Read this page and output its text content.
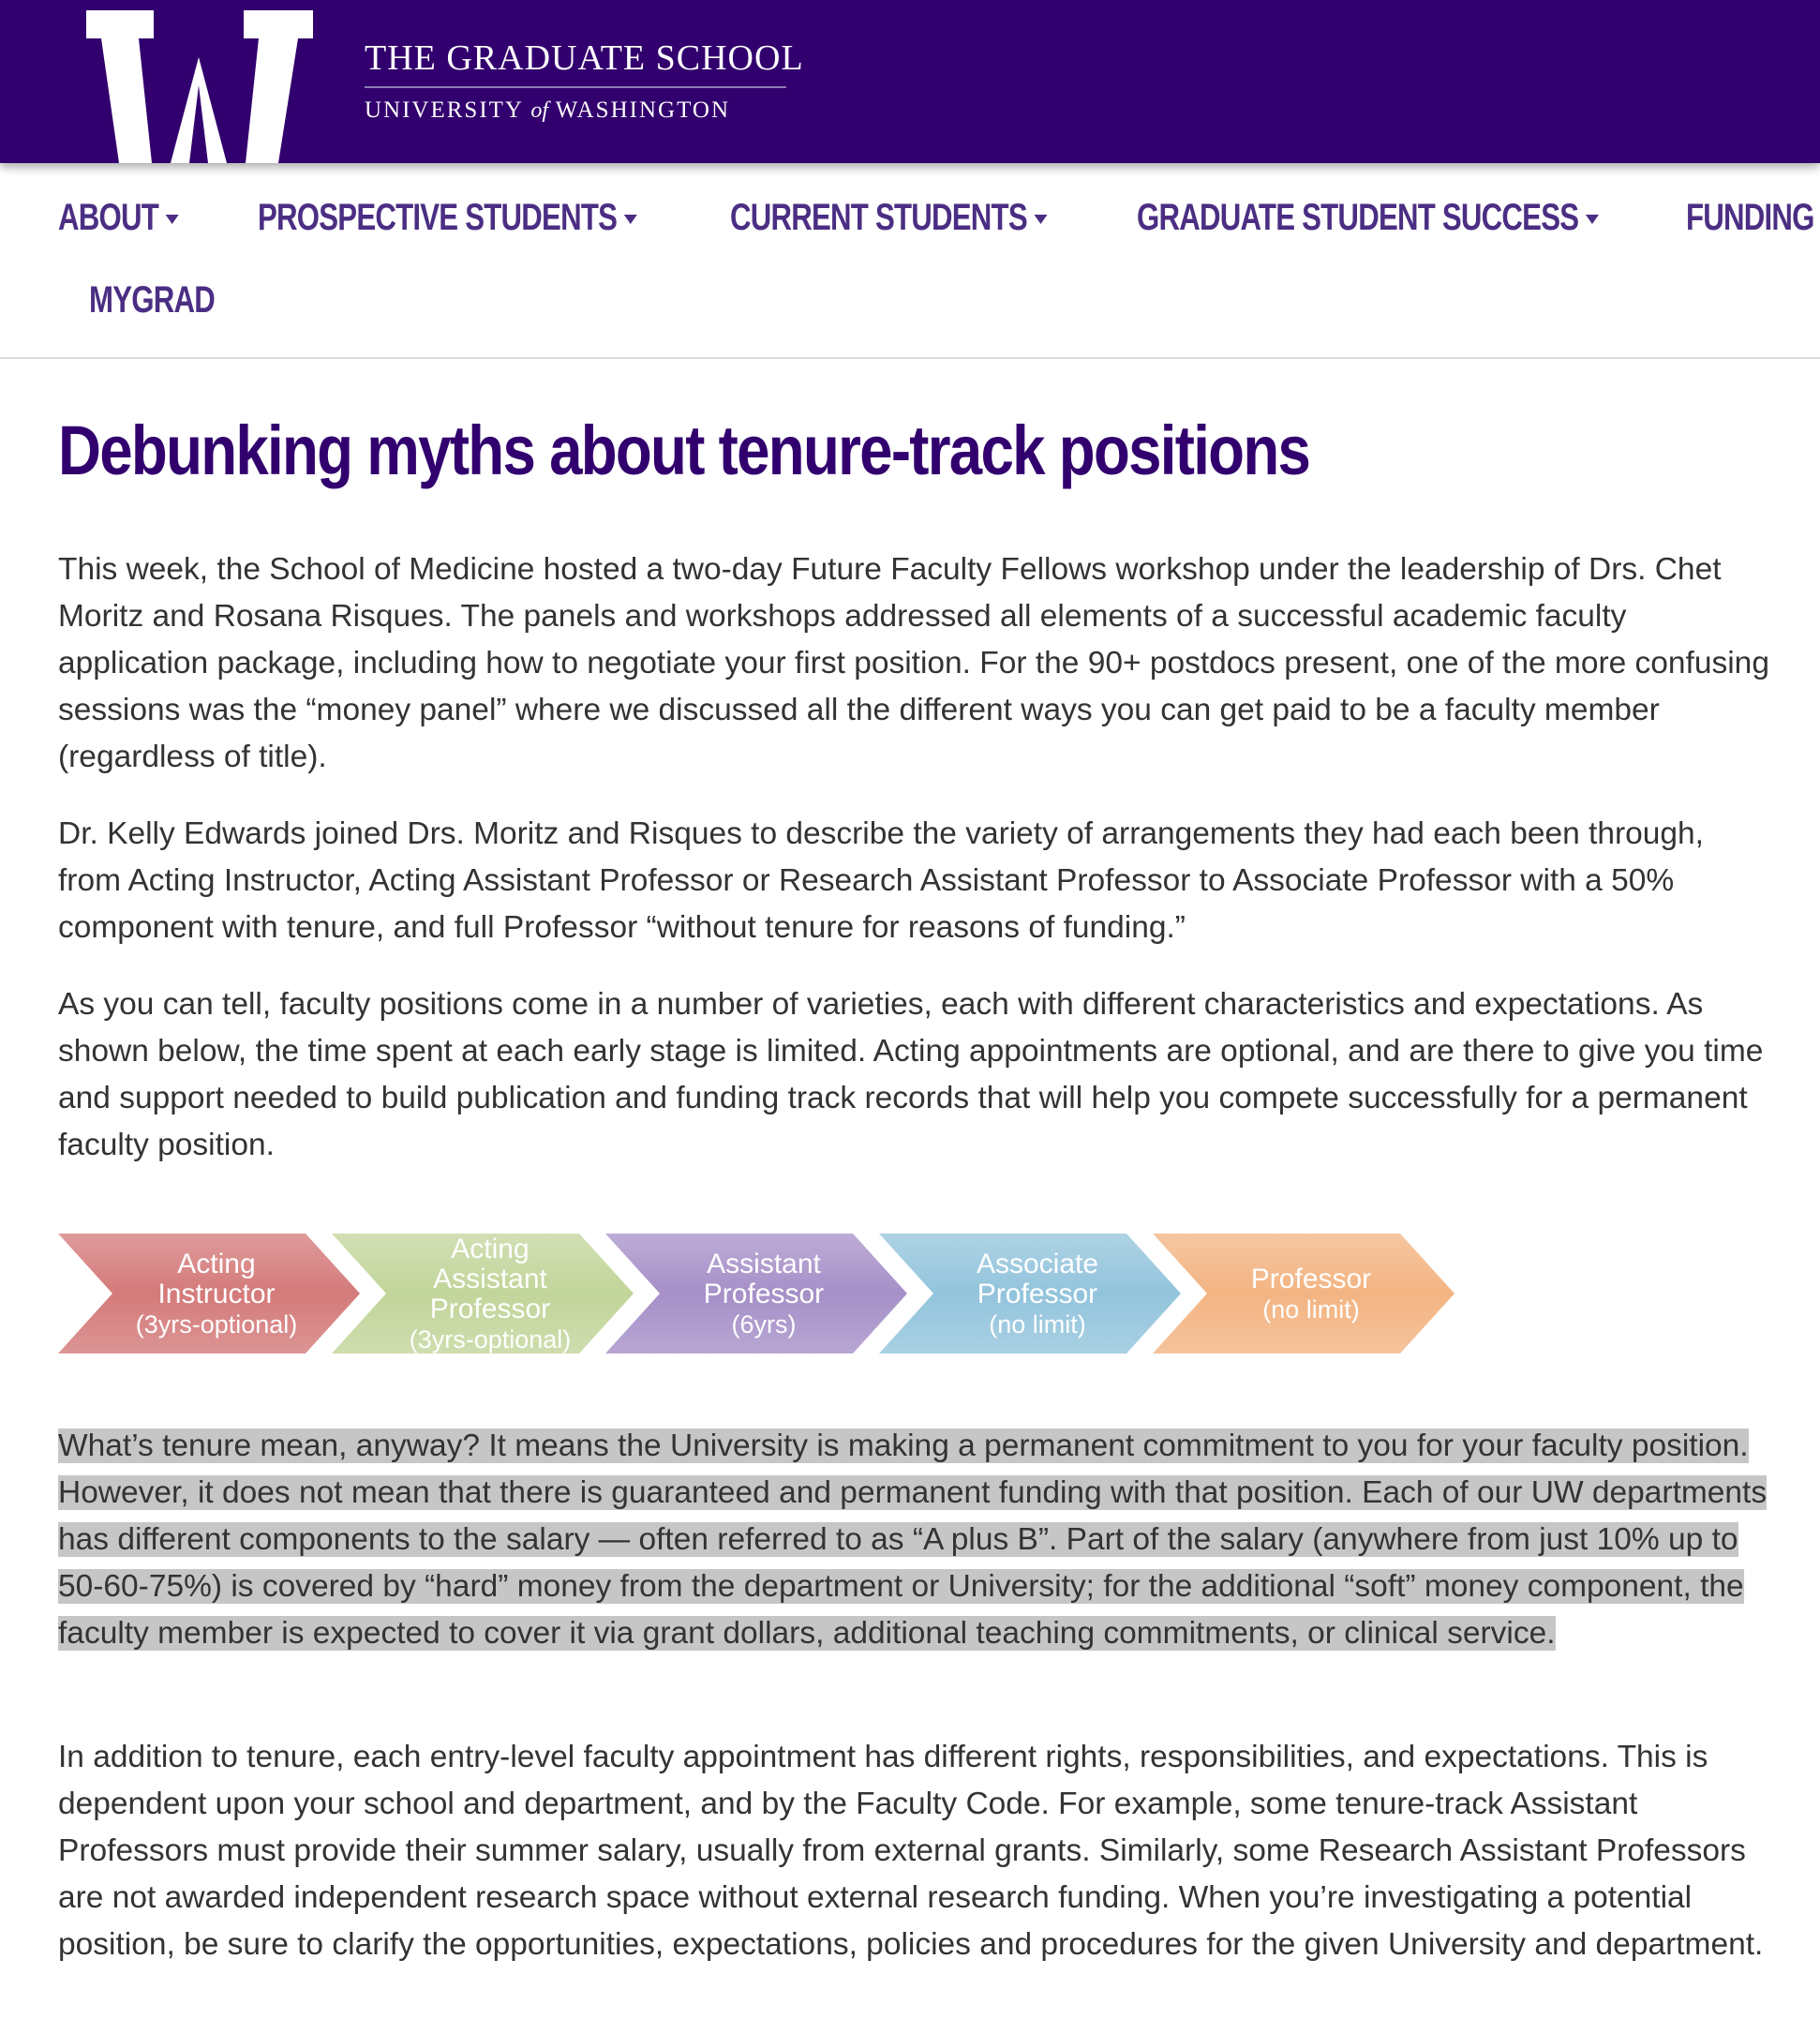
THE GRADUATE SCHOOL
UNIVERSITY of WASHINGTON
ABOUT	PROSPECTIVE STUDENTS	CURRENT STUDENTS	GRADUATE STUDENT SUCCESS	FUNDING
MYGRAD
Debunking myths about tenure-track positions

This week, the School of Medicine hosted a two-day Future Faculty Fellows workshop under the leadership of Drs. Chet Moritz and Rosana Risques. The panels and workshops addressed all elements of a successful academic faculty application package, including how to negotiate your first position. For the 90+ postdocs present, one of the more confusing sessions was the “money panel” where we discussed all the different ways you can get paid to be a faculty member (regardless of title).

Dr. Kelly Edwards joined Drs. Moritz and Risques to describe the variety of arrangements they had each been through, from Acting Instructor, Acting Assistant Professor or Research Assistant Professor to Associate Professor with a 50% component with tenure, and full Professor “without tenure for reasons of funding.”

As you can tell, faculty positions come in a number of varieties, each with different characteristics and expectations. As shown below, the time spent at each early stage is limited. Acting appointments are optional, and are there to give you time and support needed to build publication and funding track records that will help you compete successfully for a permanent faculty position.

Acting
Instructor
(3yrs-optional)
Acting
Assistant
Professor
(3yrs-optional)
Assistant
Professor
(6yrs)
Associate
Professor
(no limit)
Professor
(no limit)

What’s tenure mean, anyway? It means the University is making a permanent commitment to you for your faculty position. However, it does not mean that there is guaranteed and permanent funding with that position. Each of our UW departments has different components to the salary — often referred to as “A plus B”. Part of the salary (anywhere from just 10% up to 50-60-75%) is covered by “hard” money from the department or University; for the additional “soft” money component, the faculty member is expected to cover it via grant dollars, additional teaching commitments, or clinical service.

In addition to tenure, each entry-level faculty appointment has different rights, responsibilities, and expectations. This is dependent upon your school and department, and by the Faculty Code. For example, some tenure-track Assistant Professors must provide their summer salary, usually from external grants. Similarly, some Research Assistant Professors are not awarded independent research space without external research funding. When you’re investigating a potential position, be sure to clarify the opportunities, expectations, policies and procedures for the given University and department.
